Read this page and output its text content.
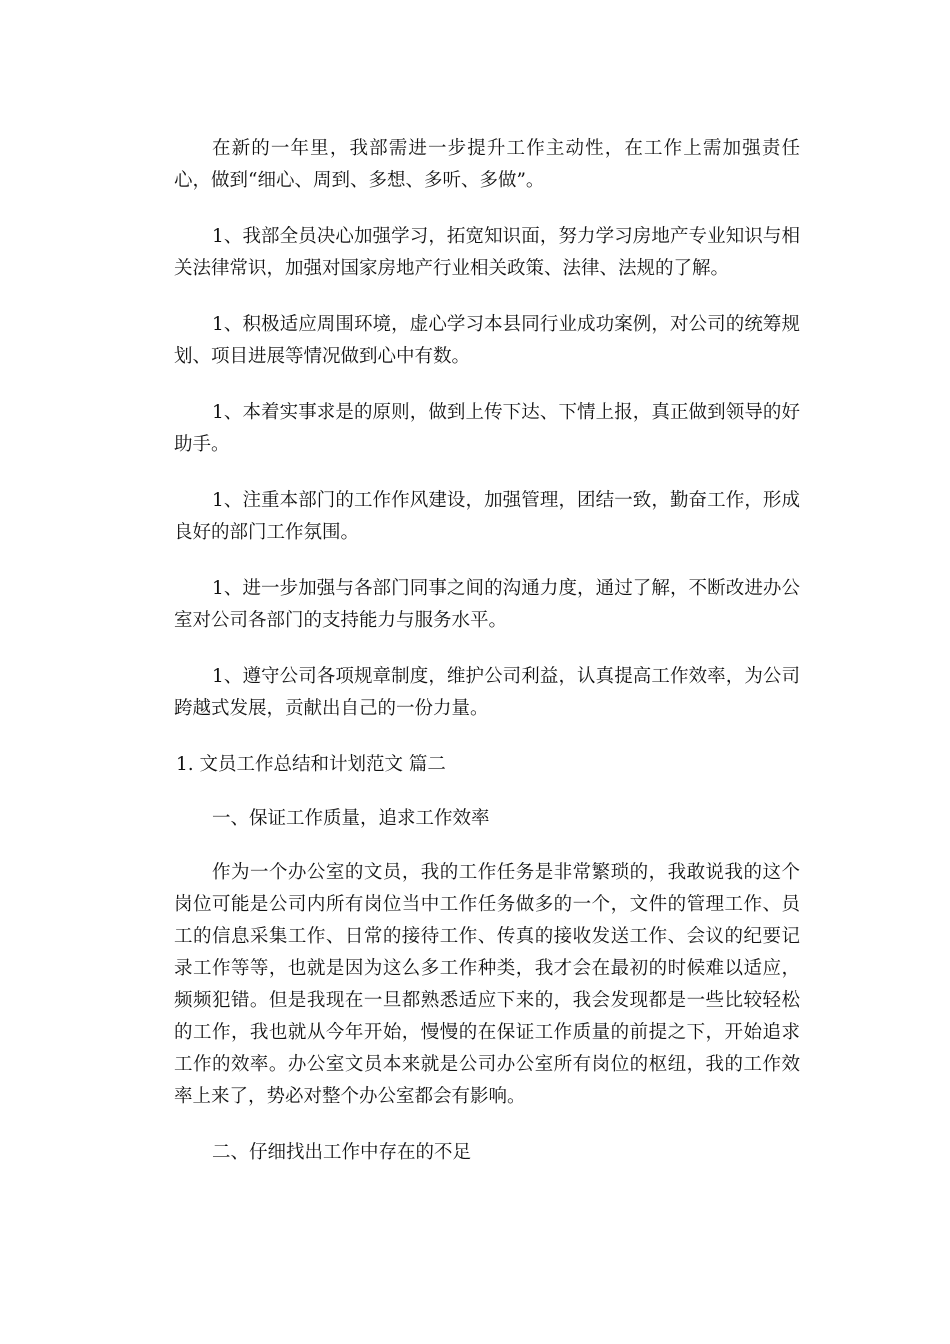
在新的一年里，我部需进一步提升工作主动性，在工作上需加强责任心，做到“细心、周到、多想、多听、多做”。

1、我部全员决心加强学习，拓宽知识面，努力学习房地产专业知识与相关法律常识，加强对国家房地产行业相关政策、法律、法规的了解。

1、积极适应周围环境，虚心学习本县同行业成功案例，对公司的统筹规划、项目进展等情况做到心中有数。

1、本着实事求是的原则，做到上传下达、下情上报，真正做到领导的好助手。

1、注重本部门的工作作风建设，加强管理，团结一致，勤奋工作，形成良好的部门工作氛围。

1、进一步加强与各部门同事之间的沟通力度，通过了解，不断改进办公室对公司各部门的支持能力与服务水平。

1、遵守公司各项规章制度，维护公司利益，认真提高工作效率，为公司跨越式发展，贡献出自己的一份力量。

1. 文员工作总结和计划范文 篇二

一、保证工作质量，追求工作效率

作为一个办公室的文员，我的工作任务是非常繁琐的，我敢说我的这个岗位可能是公司内所有岗位当中工作任务做多的一个，文件的管理工作、员工的信息采集工作、日常的接待工作、传真的接收发送工作、会议的纪要记录工作等等，也就是因为这么多工作种类，我才会在最初的时候难以适应，频频犯错。但是我现在一旦都熟悉适应下来的，我会发现都是一些比较轻松的工作，我也就从今年开始，慢慢的在保证工作质量的前提之下，开始追求工作的效率。办公室文员本来就是公司办公室所有岗位的枢纽，我的工作效率上来了，势必对整个办公室都会有影响。

二、仔细找出工作中存在的不足
